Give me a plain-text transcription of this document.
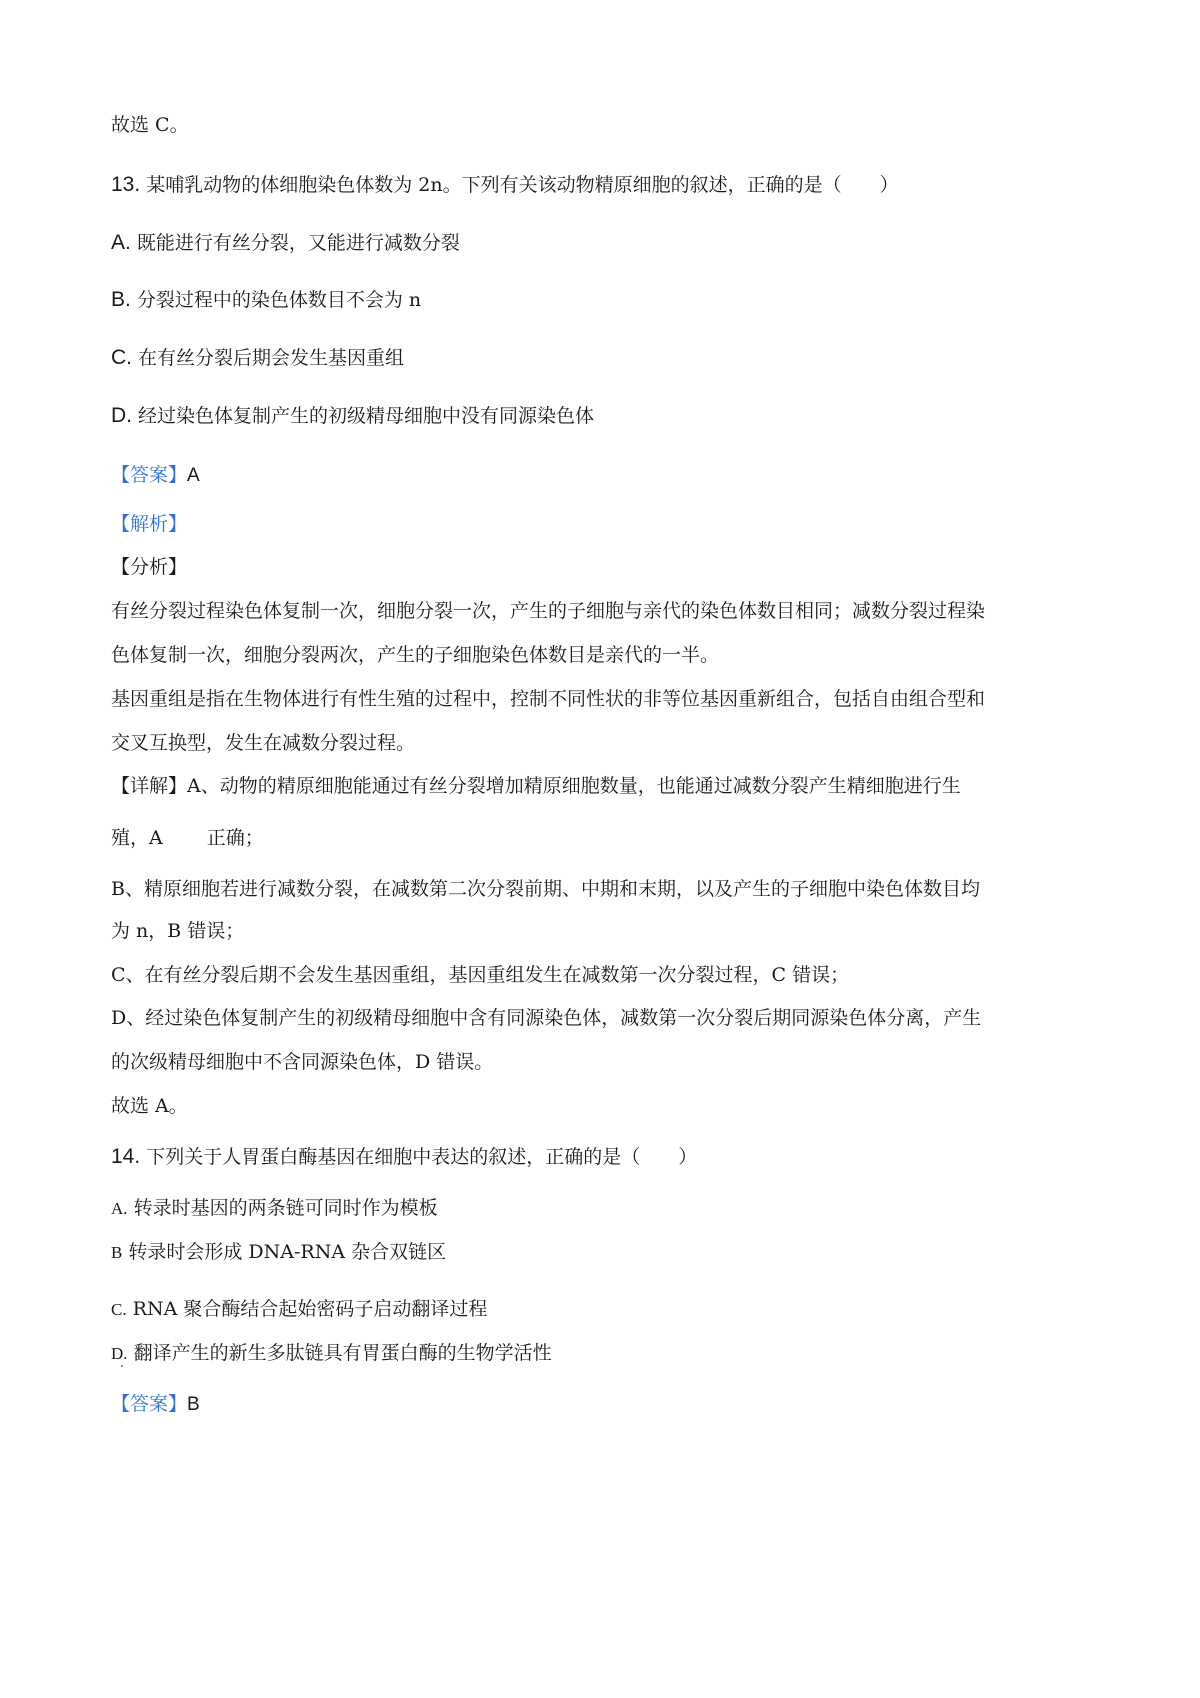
故选 C。
13. 某哺乳动物的体细胞染色体数为 2n。下列有关该动物精原细胞的叙述，正确的是（　　）
A. 既能进行有丝分裂，又能进行减数分裂
B. 分裂过程中的染色体数目不会为 n
C. 在有丝分裂后期会发生基因重组
D. 经过染色体复制产生的初级精母细胞中没有同源染色体
【答案】A
【解析】
【分析】
有丝分裂过程染色体复制一次，细胞分裂一次，产生的子细胞与亲代的染色体数目相同；减数分裂过程染
色体复制一次，细胞分裂两次，产生的子细胞染色体数目是亲代的一半。
基因重组是指在生物体进行有性生殖的过程中，控制不同性状的非等位基因重新组合，包括自由组合型和
交叉互换型，发生在减数分裂过程。
【详解】A、动物的精原细胞能通过有丝分裂增加精原细胞数量，也能通过减数分裂产生精细胞进行生
殖，A 正确；
B、精原细胞若进行减数分裂，在减数第二次分裂前期、中期和末期，以及产生的子细胞中染色体数目均
为 n，B 错误；
C、在有丝分裂后期不会发生基因重组，基因重组发生在减数第一次分裂过程，C 错误；
D、经过染色体复制产生的初级精母细胞中含有同源染色体，减数第一次分裂后期同源染色体分离，产生
的次级精母细胞中不含同源染色体，D 错误。
故选 A。
14. 下列关于人胃蛋白酶基因在细胞中表达的叙述，正确的是（　　）
A. 转录时基因的两条链可同时作为模板
B 转录时会形成 DNA-RNA 杂合双链区
C. RNA 聚合酶结合起始密码子启动翻译过程
D. 翻译产生的新生多肽链具有胃蛋白酶的生物学活性
【答案】B
